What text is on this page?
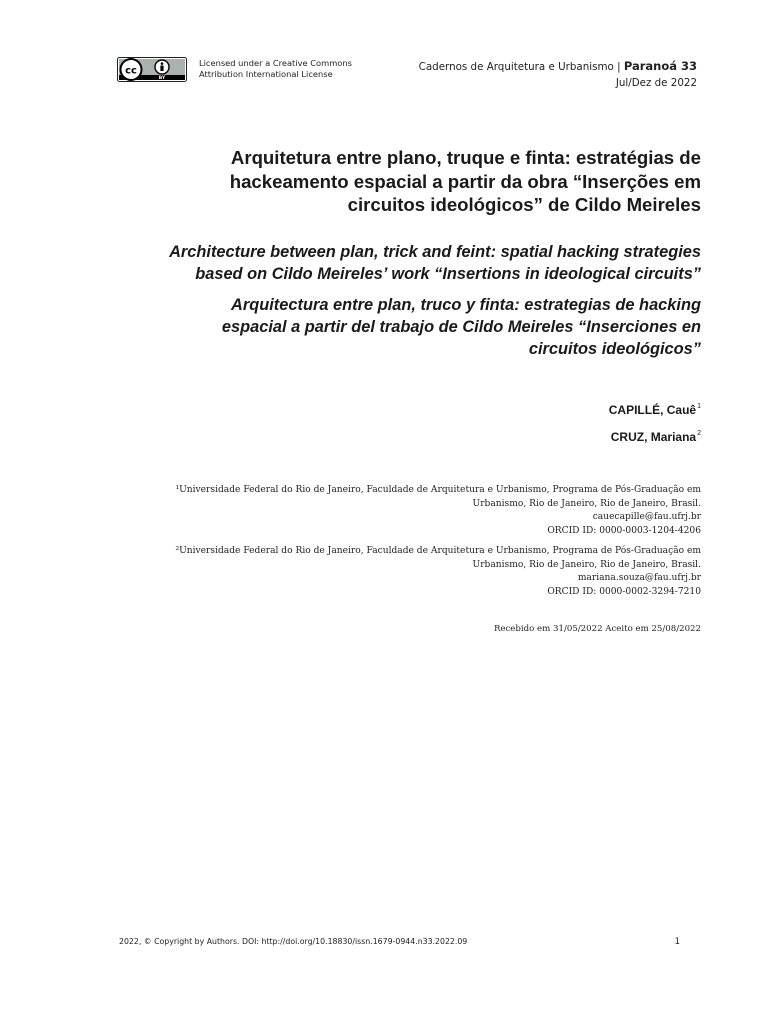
cc
BY
Licensed under a Creative Commons
Attribution International License
Cadernos de Arquitetura e Urbanismo | Paranoá 33
Jul/Dez de 2022
Arquitetura entre plano, truque e finta: estratégias de
hackeamento espacial a partir da obra “Inserções em
circuitos ideológicos” de Cildo Meireles
Architecture between plan, trick and feint: spatial hacking strategies
based on Cildo Meireles’ work “Insertions in ideological circuits”
Arquitectura entre plan, truco y finta: estrategias de hacking
espacial a partir del trabajo de Cildo Meireles “Inserciones en
circuitos ideológicos”
CAPILLÉ, Cauê$^1$
CRUZ, Mariana$^2$
¹Universidade Federal do Rio de Janeiro, Faculdade de Arquitetura e Urbanismo, Programa de Pós-Graduação em
Urbanismo, Rio de Janeiro, Rio de Janeiro, Brasil.
cauecapille@fau.ufrj.br
ORCID ID: 0000-0003-1204-4206
²Universidade Federal do Rio de Janeiro, Faculdade de Arquitetura e Urbanismo, Programa de Pós-Graduação em
Urbanismo, Rio de Janeiro, Rio de Janeiro, Brasil.
mariana.souza@fau.ufrj.br
ORCID ID: 0000-0002-3294-7210
Recebido em 31/05/2022 Aceito em 25/08/2022
2022, © Copyright by Authors. DOI: http://doi.org/10.18830/issn.1679-0944.n33.2022.09	1
